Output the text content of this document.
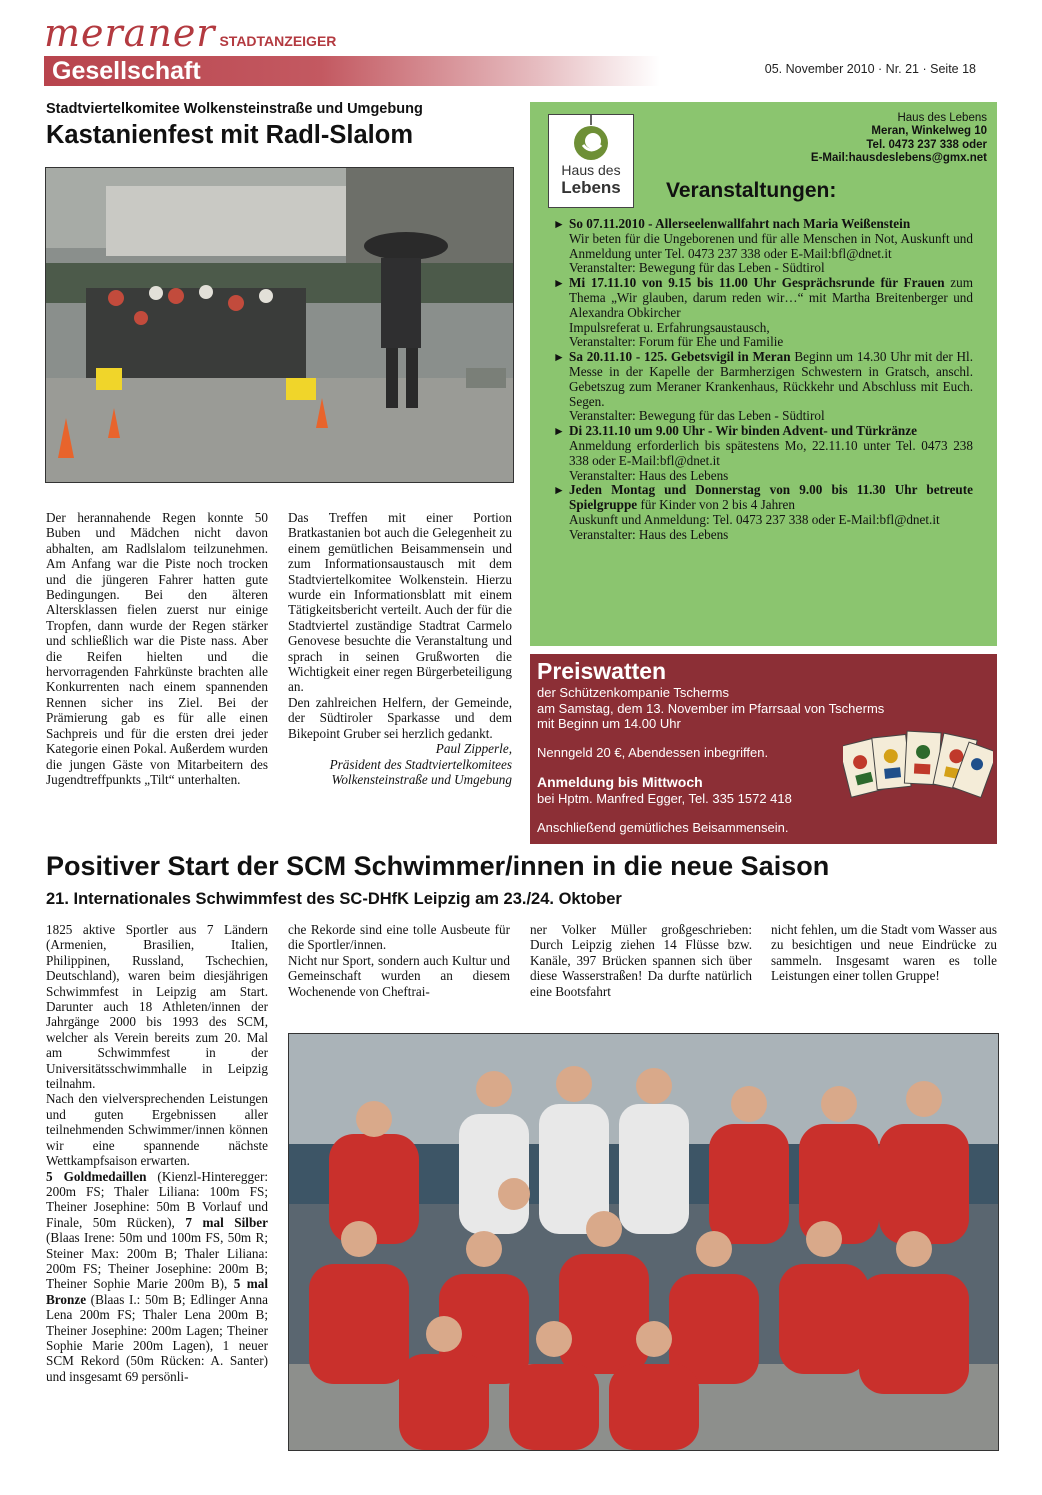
meraner STADTANZEIGER
Gesellschaft	05. November 2010 · Nr. 21 · Seite 18
Stadtviertelkomitee Wolkensteinstraße und Umgebung
Kastanienfest mit Radl-Slalom

Der herannahende Regen konnte 50 Buben und Mädchen nicht davon abhalten, am Radlslalom teilzunehmen. Am Anfang war die Piste noch trocken und die jüngeren Fahrer hatten gute Bedingungen. Bei den älteren Altersklassen fielen zuerst nur einige Tropfen, dann wurde der Regen stärker und schließlich war die Piste nass. Aber die Reifen hielten und die hervorragenden Fahrkünste brachten alle Konkurrenten nach einem spannenden Rennen sicher ins Ziel. Bei der Prämierung gab es für alle einen Sachpreis und für die ersten drei jeder Kategorie einen Pokal. Außerdem wurden die jungen Gäste von Mitarbeitern des Jugendtreffpunkts „Tilt“ unterhalten.

Das Treffen mit einer Portion Bratkastanien bot auch die Gelegenheit zu einem gemütlichen Beisammensein und zum Informationsaustausch mit dem Stadtviertelkomitee Wolkenstein. Hierzu wurde ein Informationsblatt mit einem Tätigkeitsbericht verteilt. Auch der für die Stadtviertel zuständige Stadtrat Carmelo Genovese besuchte die Veranstaltung und sprach in seinen Grußworten die Wichtigkeit einer regen Bürgerbeteiligung an.

Den zahlreichen Helfern, der Gemeinde, der Südtiroler Sparkasse und dem Bikepoint Gruber sei herzlich gedankt.

Paul Zipperle,

Präsident des Stadtviertelkomitees

Wolkensteinstraße und Umgebung

Haus des
Lebens
Haus des Lebens
Meran, Winkelweg 10
Tel. 0473 237 338 oder
E-Mail:hausdeslebens@gmx.net
Veranstaltungen:
► So 07.11.2010 - Allerseelenwallfahrt nach Maria Weißenstein
Wir beten für die Ungeborenen und für alle Menschen in Not, Auskunft und Anmeldung unter Tel. 0473 237 338 oder E-Mail:bfl@dnet.it
Veranstalter: Bewegung für das Leben - Südtirol
► Mi 17.11.10 von 9.15 bis 11.00 Uhr Gesprächsrunde für Frauen zum Thema „Wir glauben, darum reden wir…“ mit Martha Breitenberger und Alexandra Obkircher
Impulsreferat u. Erfahrungsaustausch,
Veranstalter: Forum für Ehe und Familie
► Sa 20.11.10 - 125. Gebetsvigil in Meran Beginn um 14.30 Uhr mit der Hl. Messe in der Kapelle der Barmherzigen Schwestern in Gratsch, anschl. Gebetszug zum Meraner Krankenhaus, Rückkehr und Abschluss mit Euch. Segen.
Veranstalter: Bewegung für das Leben - Südtirol
► Di 23.11.10 um 9.00 Uhr - Wir binden Advent- und Türkränze
Anmeldung erforderlich bis spätestens Mo, 22.11.10 unter Tel. 0473 238 338 oder E-Mail:bfl@dnet.it
Veranstalter: Haus des Lebens
► Jeden Montag und Donnerstag von 9.00 bis 11.30 Uhr betreute Spielgruppe für Kinder von 2 bis 4 Jahren
Auskunft und Anmeldung: Tel. 0473 237 338 oder E-Mail:bfl@dnet.it
Veranstalter: Haus des Lebens
Preiswatten
der Schützenkompanie Tscherms
am Samstag, dem 13. November im Pfarrsaal von Tscherms
mit Beginn um 14.00 Uhr
Nenngeld 20 €, Abendessen inbegriffen.
Anmeldung bis Mittwoch
bei Hptm. Manfred Egger, Tel. 335 1572 418
Anschließend gemütliches Beisammensein.
Positiver Start der SCM Schwimmer/innen in die neue Saison
21. Internationales Schwimmfest des SC-DHfK Leipzig am 23./24. Oktober

1825 aktive Sportler aus 7 Ländern (Armenien, Brasilien, Italien, Philippinen, Russland, Tschechien, Deutschland), waren beim diesjährigen Schwimmfest in Leipzig am Start. Darunter auch 18 Athleten/innen der Jahrgänge 2000 bis 1993 des SCM, welcher als Verein bereits zum 20. Mal am Schwimmfest in der Universitätsschwimmhalle in Leipzig teilnahm.

Nach den vielversprechenden Leistungen und guten Ergebnissen aller teilnehmenden Schwimmer/innen können wir eine spannende nächste Wettkampfsaison erwarten.

5 Goldmedaillen (Kienzl-Hinteregger: 200m FS; Thaler Liliana: 100m FS; Theiner Josephine: 50m B Vorlauf und Finale, 50m Rücken), 7 mal Silber (Blaas Irene: 50m und 100m FS, 50m R; Steiner Max: 200m B; Thaler Liliana: 200m FS; Theiner Josephine: 200m B; Theiner Sophie Marie 200m B), 5 mal Bronze (Blaas I.: 50m B; Edlinger Anna Lena 200m FS; Thaler Lena 200m B; Theiner Josephine: 200m Lagen; Theiner Sophie Marie 200m Lagen), 1 neuer SCM Rekord (50m Rücken: A. Santer) und insgesamt 69 persönli-

che Rekorde sind eine tolle Ausbeute für die Sportler/innen.

Nicht nur Sport, sondern auch Kultur und Gemeinschaft wurden an diesem Wochenende von Cheftrai-

ner Volker Müller großgeschrieben: Durch Leipzig ziehen 14 Flüsse bzw. Kanäle, 397 Brücken spannen sich über diese Wasserstraßen! Da durfte natürlich eine Bootsfahrt

nicht fehlen, um die Stadt vom Wasser aus zu besichtigen und neue Eindrücke zu sammeln. Insgesamt waren es tolle Leistungen einer tollen Gruppe!
